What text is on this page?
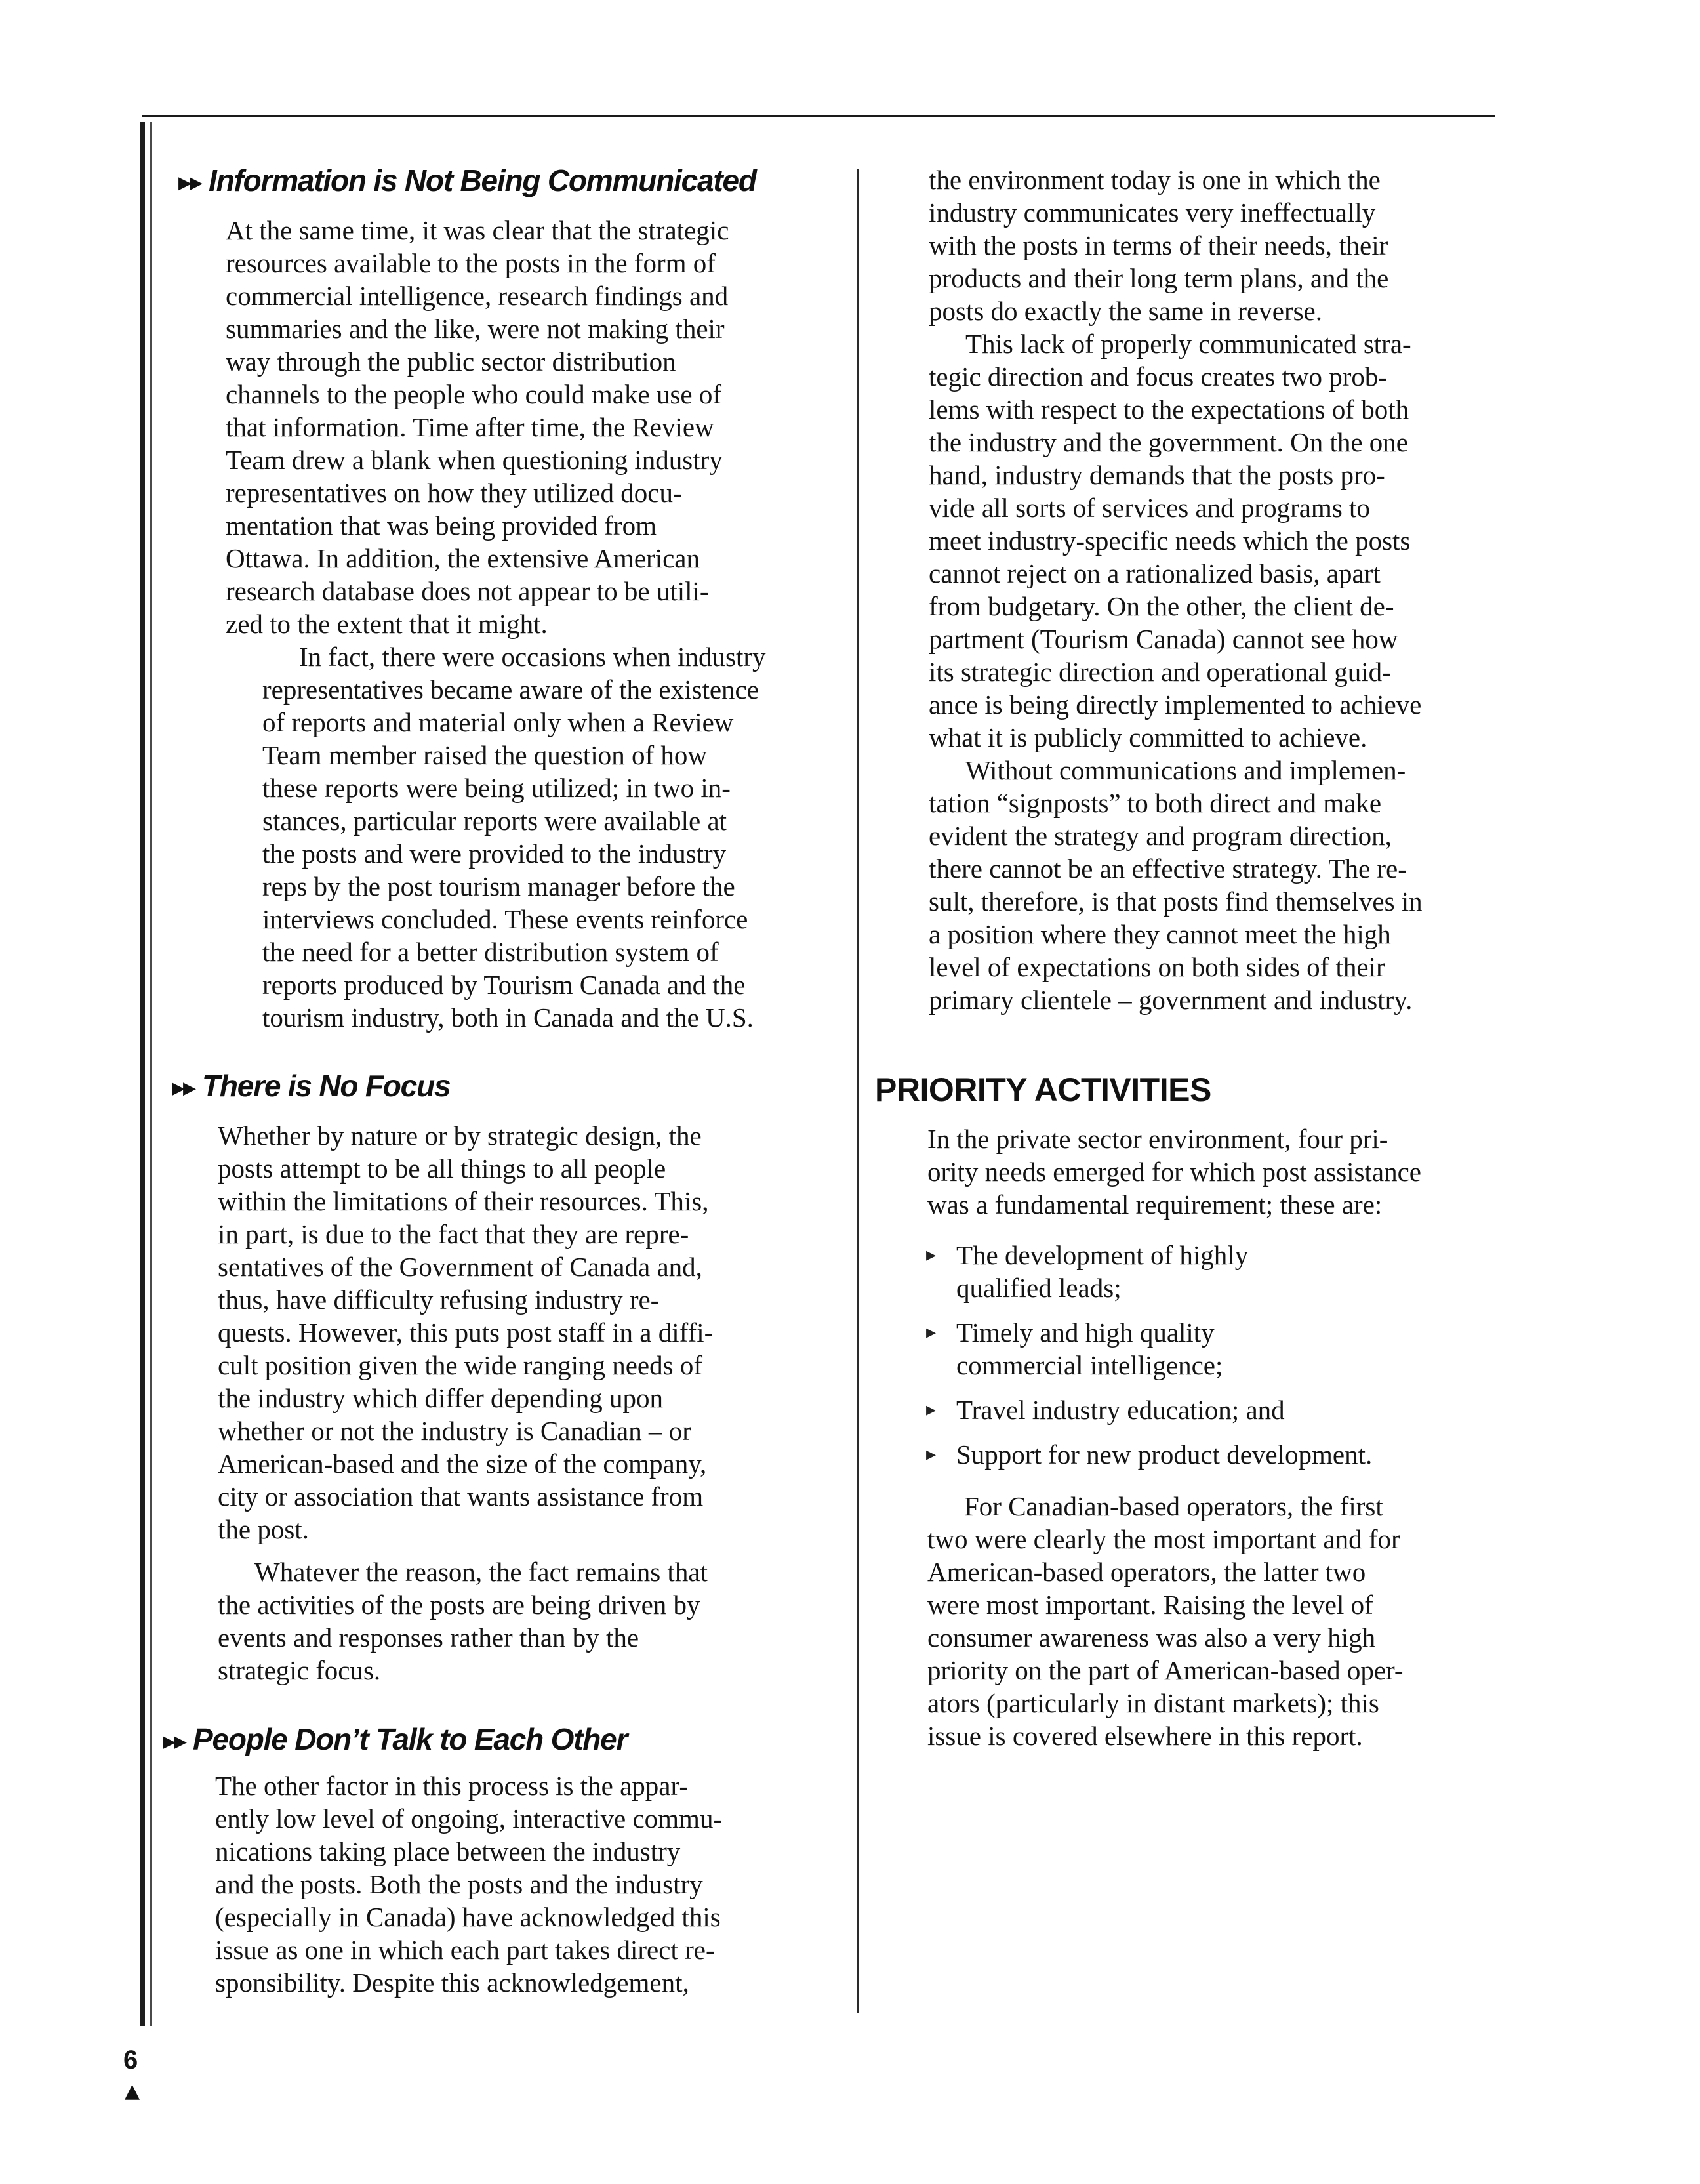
▶▶ Information is Not Being Communicated

At the same time, it was clear that the strategic
resources available to the posts in the form of
commercial intelligence, research findings and
summaries and the like, were not making their
way through the public sector distribution
channels to the people who could make use of
that information. Time after time, the Review
Team drew a blank when questioning industry
representatives on how they utilized docu-
mentation that was being provided from
Ottawa. In addition, the extensive American
research database does not appear to be utili-
zed to the extent that it might.

In fact, there were occasions when industry
representatives became aware of the existence
of reports and material only when a Review
Team member raised the question of how
these reports were being utilized; in two in-
stances, particular reports were available at
the posts and were provided to the industry
reps by the post tourism manager before the
interviews concluded. These events reinforce
the need for a better distribution system of
reports produced by Tourism Canada and the
tourism industry, both in Canada and the U.S.

▶▶ There is No Focus

Whether by nature or by strategic design, the
posts attempt to be all things to all people
within the limitations of their resources. This,
in part, is due to the fact that they are repre-
sentatives of the Government of Canada and,
thus, have difficulty refusing industry re-
quests. However, this puts post staff in a diffi-
cult position given the wide ranging needs of
the industry which differ depending upon
whether or not the industry is Canadian – or
American-based and the size of the company,
city or association that wants assistance from
the post.

Whatever the reason, the fact remains that
the activities of the posts are being driven by
events and responses rather than by the
strategic focus.

▶▶ People Don’t Talk to Each Other

The other factor in this process is the appar-
ently low level of ongoing, interactive commu-
nications taking place between the industry
and the posts. Both the posts and the industry
(especially in Canada) have acknowledged this
issue as one in which each part takes direct re-
sponsibility. Despite this acknowledgement,

the environment today is one in which the
industry communicates very ineffectually
with the posts in terms of their needs, their
products and their long term plans, and the
posts do exactly the same in reverse.

This lack of properly communicated stra-
tegic direction and focus creates two prob-
lems with respect to the expectations of both
the industry and the government. On the one
hand, industry demands that the posts pro-
vide all sorts of services and programs to
meet industry-specific needs which the posts
cannot reject on a rationalized basis, apart
from budgetary. On the other, the client de-
partment (Tourism Canada) cannot see how
its strategic direction and operational guid-
ance is being directly implemented to achieve
what it is publicly committed to achieve.

Without communications and implemen-
tation “signposts” to both direct and make
evident the strategy and program direction,
there cannot be an effective strategy. The re-
sult, therefore, is that posts find themselves in
a position where they cannot meet the high
level of expectations on both sides of their
primary clientele – government and industry.

PRIORITY ACTIVITIES

In the private sector environment, four pri-
ority needs emerged for which post assistance
was a fundamental requirement; these are:

▸ The development of highly
qualified leads;
▸ Timely and high quality
commercial intelligence;
▸ Travel industry education; and
▸ Support for new product development.

For Canadian-based operators, the first
two were clearly the most important and for
American-based operators, the latter two
were most important. Raising the level of
consumer awareness was also a very high
priority on the part of American-based oper-
ators (particularly in distant markets); this
issue is covered elsewhere in this report.

6

▲
